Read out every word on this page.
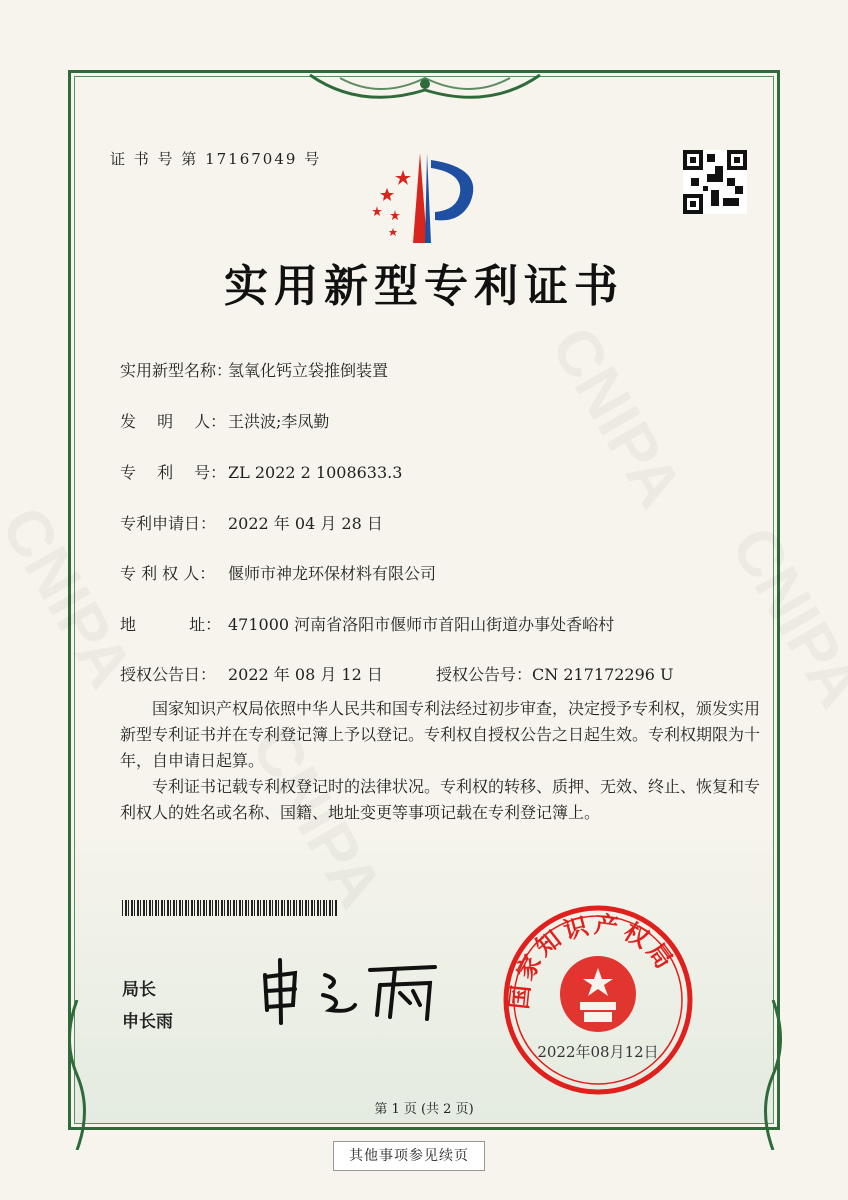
证 书 号 第 17167049 号
实用新型专利证书
实用新型名称：氢氧化钙立袋推倒装置
发　 明　 人： 王洪波;李凤勤
专　 利　 号： ZL 2022 2 1008633.3
专利申请日： 2022 年 04 月 28 日
专 利 权 人： 偃师市神龙环保材料有限公司
地　　　 址： 471000 河南省洛阳市偃师市首阳山街道办事处香峪村
授权公告日： 2022 年 08 月 12 日	授权公告号：CN 217172296 U
　　国家知识产权局依照中华人民共和国专利法经过初步审查，决定授予专利权，颁发实用
新型专利证书并在专利登记簿上予以登记。专利权自授权公告之日起生效。专利权期限为十
年，自申请日起算。
　　专利证书记载专利权登记时的法律状况。专利权的转移、质押、无效、终止、恢复和专
利权人的姓名或名称、国籍、地址变更等事项记载在专利登记簿上。
局长
申长雨
国家知识产权局
2022年08月12日
第 1 页 (共 2 页)
其他事项参见续页
